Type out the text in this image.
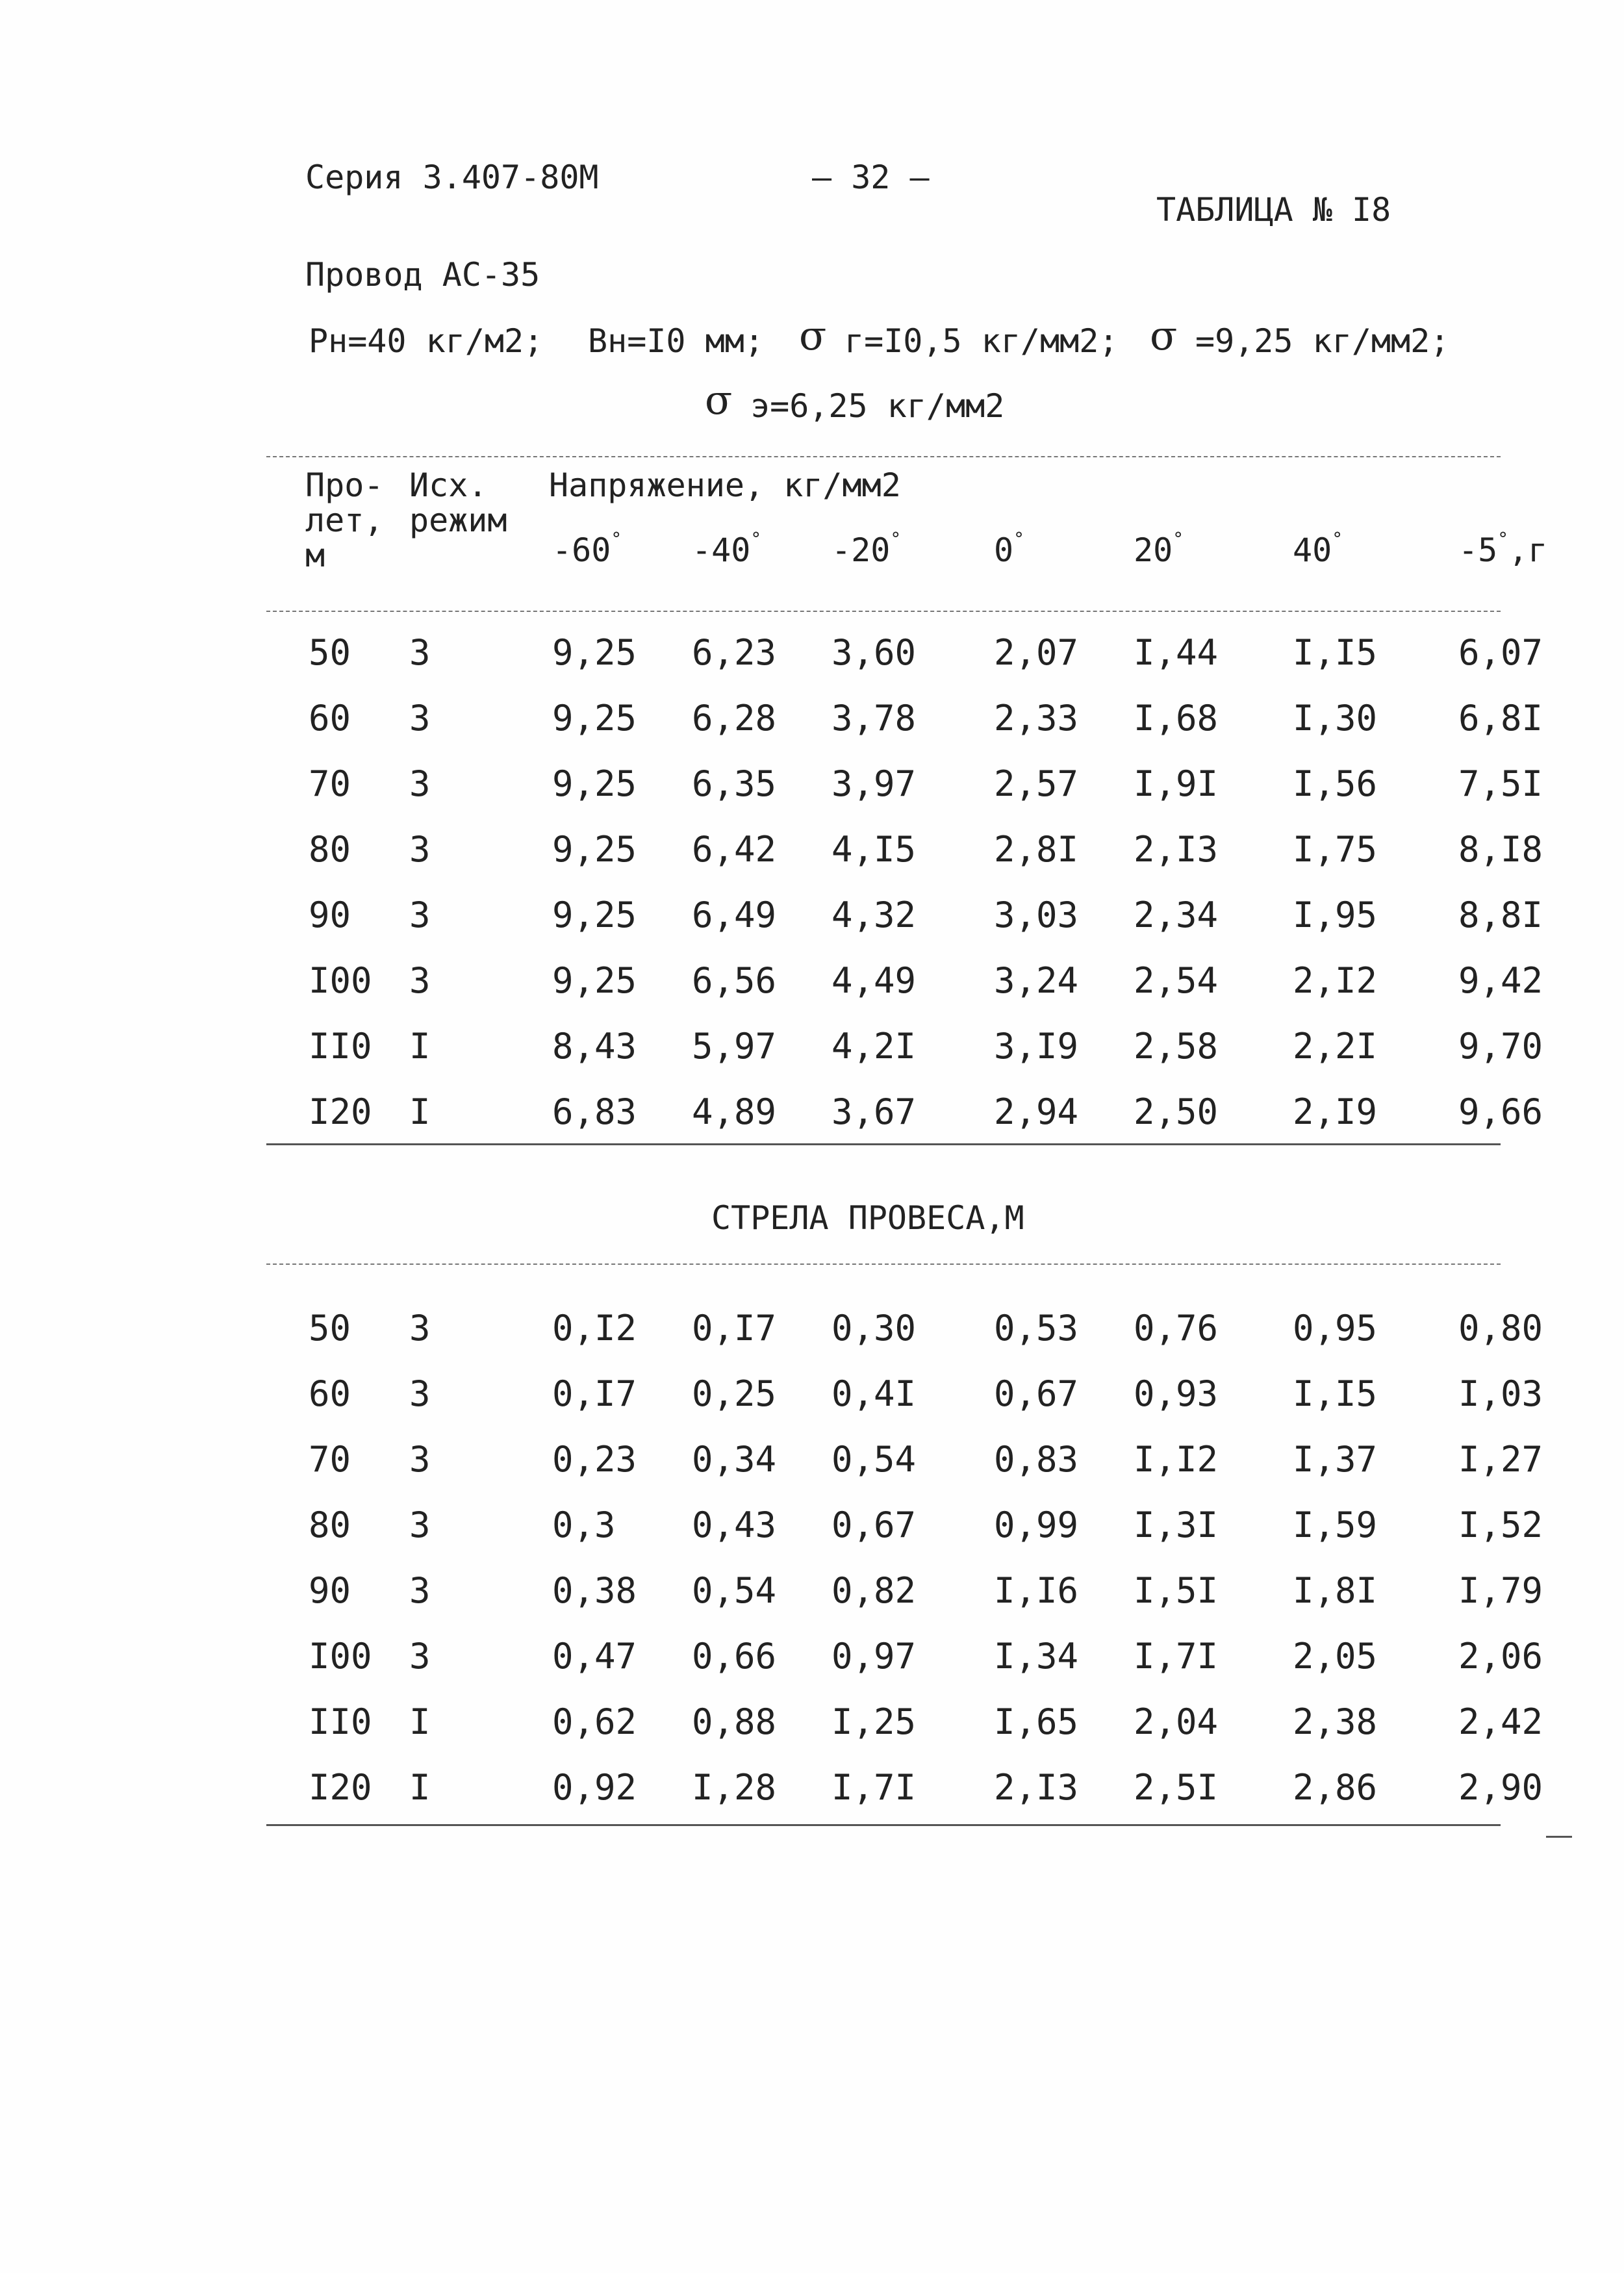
Серия 3.407-80М	– 32 –
ТАБЛИЦА № I8
Провод АС-35
Рн=40 кг/м2; Вн=I0 мм; σ г=I0,5 кг/мм2; σ =9,25 кг/мм2;
σ э=6,25 кг/мм2
Про-
лет,
м
Исх.
режим
Напряжение, кг/мм2
-60° -40° -20°	0°	20°	40°	-5°,г
50 3	9,25 6,23 3,60 2,07 I,44 I,I5 6,07
60 3	9,25 6,28 3,78 2,33 I,68 I,30 6,8I
70 3	9,25 6,35 3,97 2,57 I,9I I,56 7,5I
80 3	9,25 6,42 4,I5 2,8I 2,I3 I,75 8,I8
90 3	9,25 6,49 4,32 3,03 2,34 I,95 8,8I
I00 3	9,25 6,56 4,49 3,24 2,54 2,I2 9,42
II0 I	8,43 5,97 4,2I 3,I9 2,58 2,2I 9,70
I20 I	6,83 4,89 3,67 2,94 2,50 2,I9 9,66
СТРЕЛА ПРОВЕСА,М
50 3	0,I2 0,I7 0,30 0,53 0,76 0,95 0,80
60 3	0,I7 0,25 0,4I 0,67 0,93 I,I5 I,03
70 3	0,23 0,34 0,54 0,83 I,I2 I,37 I,27
80 3	0,3 0,43 0,67 0,99 I,3I I,59 I,52
90 3	0,38 0,54 0,82 I,I6 I,5I I,8I I,79
I00 3	0,47 0,66 0,97 I,34 I,7I 2,05 2,06
II0 I	0,62 0,88 I,25 I,65 2,04 2,38 2,42
I20 I	0,92 I,28 I,7I 2,I3 2,5I 2,86 2,90
